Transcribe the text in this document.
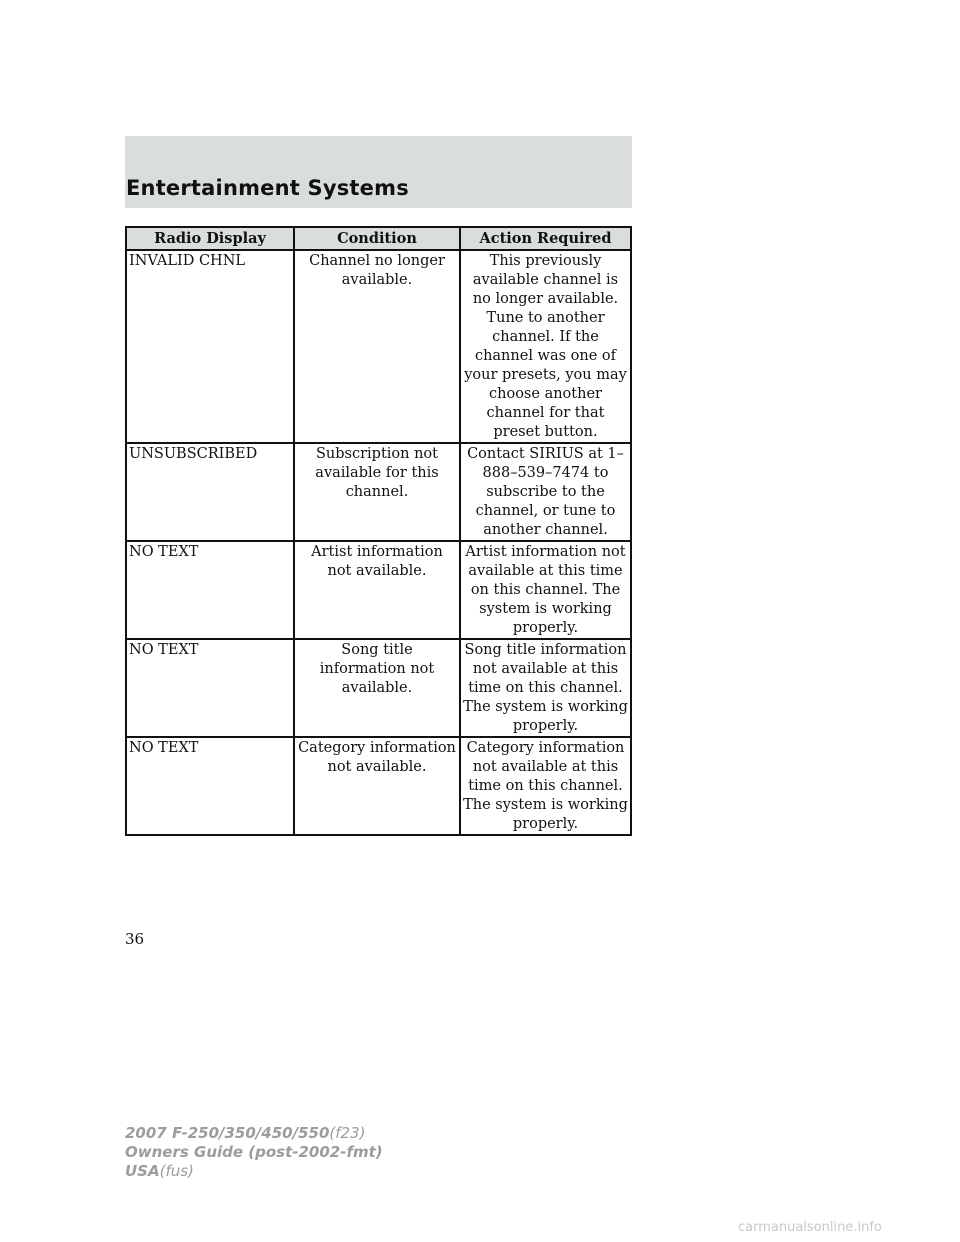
Entertainment Systems
Radio Display	Condition	Action Required
INVALID CHNL	Channel no longer available.	This previously available channel is no longer available. Tune to another channel. If the channel was one of your presets, you may choose another channel for that preset button.
UNSUBSCRIBED	Subscription not available for this channel.	Contact SIRIUS at 1–888–539–7474 to subscribe to the channel, or tune to another channel.
NO TEXT	Artist information not available.	Artist information not available at this time on this channel. The system is working properly.
NO TEXT	Song title information not available.	Song title information not available at this time on this channel. The system is working properly.
NO TEXT	Category information not available.	Category information not available at this time on this channel. The system is working properly.
36
2007 F-250/350/450/550(f23)
Owners Guide (post-2002-fmt)
USA(fus)
carmanualsonline.info
